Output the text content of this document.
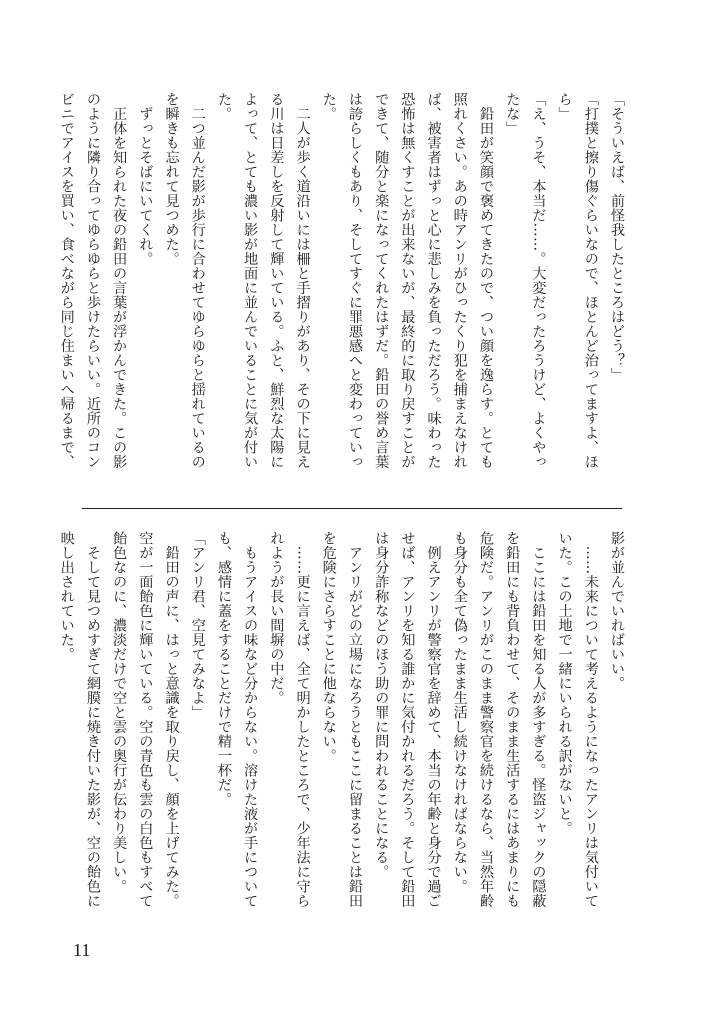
「そういえば、前怪我したところはどう？」

「打撲と擦り傷ぐらいなので、ほとんど治ってますよ、ほら」

「え、うそ、本当だ……。大変だったろうけど、よくやったな」

　鉛田が笑顔で褒めてきたので、つい顔を逸らす。とても照れくさい。あの時アンリがひったくり犯を捕まえなければ、被害者はずっと心に悲しみを負っただろう。味わった恐怖は無くすことが出来ないが、最終的に取り戻すことができて、随分と楽になってくれたはずだ。鉛田の誉め言葉は誇らしくもあり、そしてすぐに罪悪感へと変わっていった。

　二人が歩く道沿いには柵と手摺りがあり、その下に見える川は日差しを反射して輝いている。ふと、鮮烈な太陽によって、とても濃い影が地面に並んでいることに気が付いた。

　二つ並んだ影が歩行に合わせてゆらゆらと揺れているのを瞬きも忘れて見つめた。

　ずっとそばにいてくれ。

　正体を知られた夜の鉛田の言葉が浮かんできた。この影のように隣り合ってゆらゆらと歩けたらいい。近所のコンビニでアイスを買い、食べながら同じ住まいへ帰るまで、

影が並んでいればいい。

　……未来について考えるようになったアンリは気付いていた。この土地で一緒にいられる訳がないと。

　ここには鉛田を知る人が多すぎる。怪盗ジャックの隠蔽を鉛田にも背負わせて、そのまま生活するにはあまりにも危険だ。アンリがこのまま警察官を続けるなら、当然年齢も身分も全て偽ったまま生活し続けなければならない。

　例えアンリが警察官を辞めて、本当の年齢と身分で過ごせば、アンリを知る誰かに気付かれるだろう。そして鉛田は身分詐称などのほう助の罪に問われることになる。

　アンリがどの立場になろうともここに留まることは鉛田を危険にさらすことに他ならない。

　……更に言えば、全て明かしたところで、少年法に守られようが長い間塀の中だ。

　もうアイスの味など分からない。溶けた液が手についても、感情に蓋をすることだけで精一杯だ。

「アンリ君、空見てみなよ」

　鉛田の声に、はっと意識を取り戻し、顔を上げてみた。空が一面飴色に輝いている。空の青色も雲の白色もすべて飴色なのに、濃淡だけで空と雲の奥行が伝わり美しい。

　そして見つめすぎて網膜に焼き付いた影が、空の飴色に映し出されていた。

11
